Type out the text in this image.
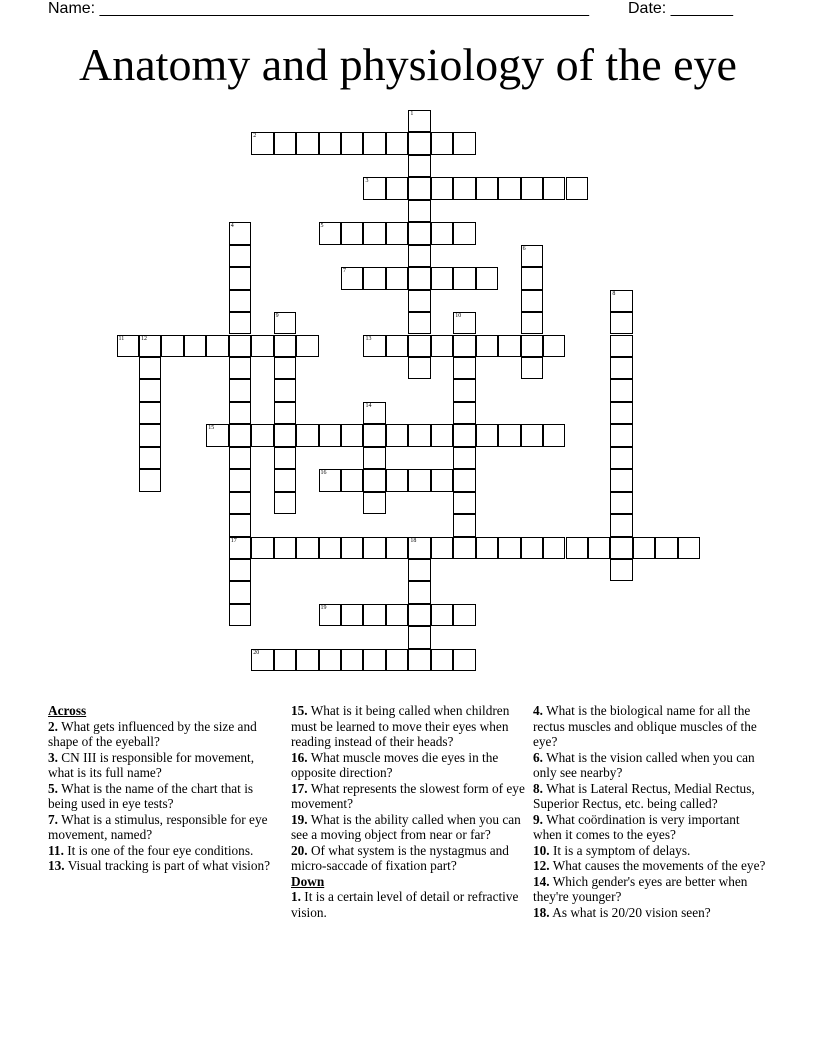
Name: _______________________________________________________ Date: _______
Anatomy and physiology of the eye
1
2
3
4
17
5
6
7
8
9	10
11	12	13
14
15
16
18
19
20
Across
2. What gets influenced by the size and shape of the eyeball?
3. CN III is responsible for movement, what is its full name?
5. What is the name of the chart that is being used in eye tests?
7. What is a stimulus, responsible for eye movement, named?
11. It is one of the four eye conditions.
13. Visual tracking is part of what vision?
15. What is it being called when children must be learned to move their eyes when reading instead of their heads?
16. What muscle moves die eyes in the opposite direction?
17. What represents the slowest form of eye movement?
19. What is the ability called when you can see a moving object from near or far?
20. Of what system is the nystagmus and micro-saccade of fixation part?
Down
1. It is a certain level of detail or refractive vision.
4. What is the biological name for all the rectus muscles and oblique muscles of the eye?
6. What is the vision called when you can only see nearby?
8. What is Lateral Rectus, Medial Rectus, Superior Rectus, etc. being called?
9. What coördination is very important when it comes to the eyes?
10. It is a symptom of delays.
12. What causes the movements of the eye?
14. Which gender's eyes are better when they're younger?
18. As what is 20/20 vision seen?
